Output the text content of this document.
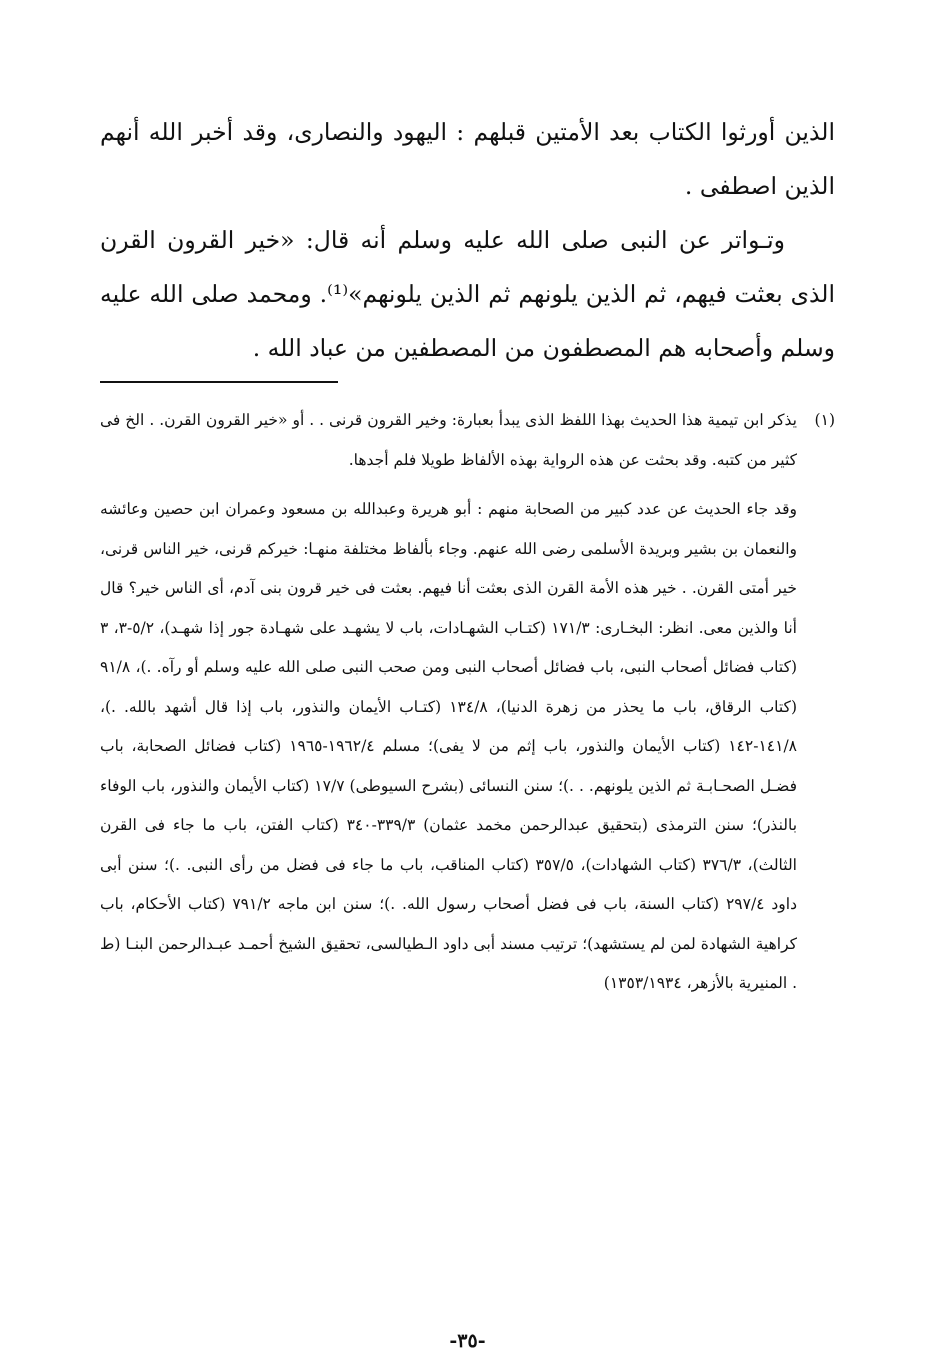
الذين أورثوا الكتاب بعد الأمتين قبلهم : اليهود والنصارى، وقد أخبر الله أنهم الذين اصطفى .

وتـواتر عن النبى صلى الله عليه وسلم أنه قال: «خير القرون القرن الذى بعثت فيهم، ثم الذين يلونهم ثم الذين يلونهم»⁽¹⁾. ومحمد صلى الله عليه وسلم وأصحابه هم المصطفون من المصطفين من عباد الله .

(١)
يذكر ابن تيمية هذا الحديث بهذا اللفظ الذى يبدأ بعبارة: وخير القرون قرنى . . أو «خير القرون القرن. . الخ فى كثير من كتبه. وقد بحثت عن هذه الرواية بهذه الألفاظ طويلا فلم أجدها.

وقد جاء الحديث عن عدد كبير من الصحابة منهم : أبو هريرة وعبدالله بن مسعود وعمران ابن حصين وعائشه والنعمان بن بشير وبريدة الأسلمى رضى الله عنهم. وجاء بألفاظ مختلفة منهـا: خيركم قرنى، خير الناس قرنى، خير أمتى القرن. . خير هذه الأمة القرن الذى بعثت أنا فيهم. بعثت فى خير قرون بنى آدم، أى الناس خير؟ قال أنا والذين معى. انظر: البخـارى: ١٧١/٣ (كتـاب الشهـادات، باب لا يشهـد على شهـادة جور إذا شهـد)، ٥/٢-٣، ٣ (كتاب فضائل أصحاب النبى، باب فضائل أصحاب النبى ومن صحب النبى صلى الله عليه وسلم أو رآه. .)، ٩١/٨ (كتاب الرقاق، باب ما يحذر من زهرة الدنيا)، ١٣٤/٨ (كتـاب الأيمان والنذور، باب إذا قال أشهد بالله. .)، ١٤١/٨-١٤٢ (كتاب الأيمان والنذور، باب إثم من لا يفى)؛ مسلم ١٩٦٢/٤-١٩٦٥ (كتاب فضائل الصحابة، باب فضـل الصحـابـة ثم الذين يلونهم. . .)؛ سنن النسائى (بشرح السيوطى) ١٧/٧ (كتاب الأيمان والنذور، باب الوفاء بالنذر)؛ سنن الترمذى (بتحقيق عبدالرحمن مخمد عثمان) ٣٣٩/٣-٣٤٠ (كتاب الفتن، باب ما جاء فى القرن الثالث)، ٣٧٦/٣ (كتاب الشهادات)، ٣٥٧/٥ (كتاب المناقب، باب ما جاء فى فضل من رأى النبى. .)؛ سنن أبى داود ٢٩٧/٤ (كتاب السنة، باب فى فضل أصحاب رسول الله. .)؛ سنن ابن ماجه ٧٩١/٢ (كتاب الأحكام، باب كراهية الشهادة لمن لم يستشهد)؛ ترتيب مسند أبى داود الـطيالسى، تحقيق الشيخ أحمـد عبـدالرحمن البنـا (ط . المنيرية بالأزهر، ١٣٥٣/١٩٣٤)

-٣٥-
